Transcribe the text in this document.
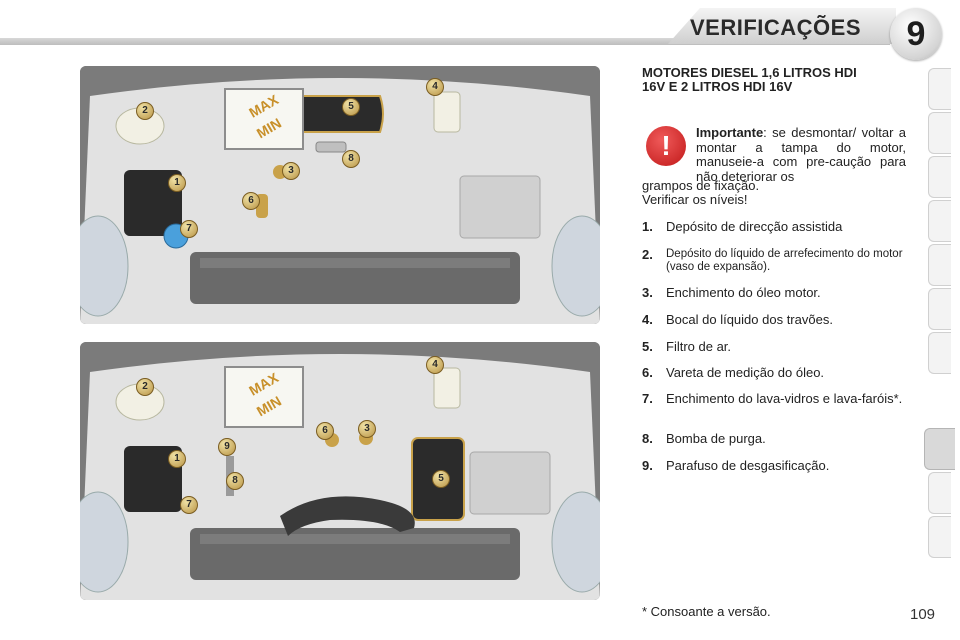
VERIFICAÇÕES	9
MAX
MIN
1
2
3
4
5
6
7
8
MAX
MIN
1
2
3
4
5
6
7
8
9
MOTORES DIESEL 1,6 LITROS HDI
16V E 2 LITROS HDI 16V
!	Importante: se desmontar/ voltar a montar a tampa do motor, manuseie-a com pre-caução para não deteriorar os
grampos de fixação.
Verificar os níveis!
1. Depósito de direcção assistida
2. Depósito do líquido de arrefecimento do motor (vaso de expansão).
3. Enchimento do óleo motor.
4. Bocal do líquido dos travões.
5. Filtro de ar.
6. Vareta de medição do óleo.
7. Enchimento do lava-vidros e lava-faróis*.
8. Bomba de purga.
9. Parafuso de desgasificação.
* Consoante a versão.	109
